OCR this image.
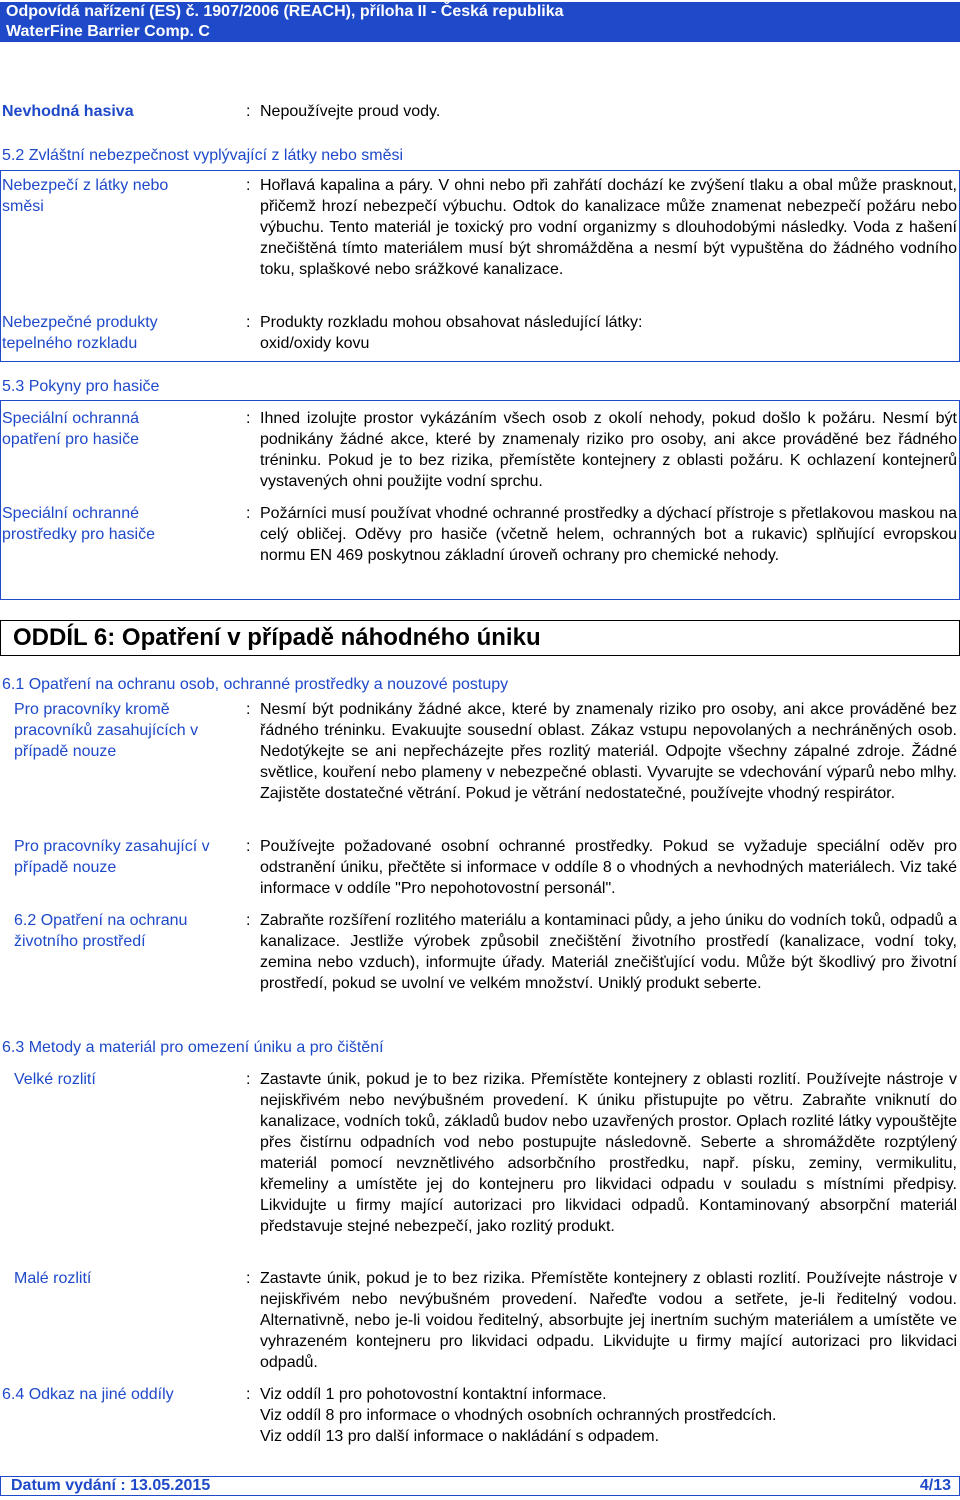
Odpovídá nařízení (ES) č. 1907/2006 (REACH), příloha II - Česká republika
WaterFine Barrier Comp. C
Nevhodná hasiva	: Nepoužívejte proud vody.
5.2 Zvláštní nebezpečnost vyplývající z látky nebo směsi
Nebezpečí z látky nebo směsi
: Hořlavá kapalina a páry. V ohni nebo při zahřátí dochází ke zvýšení tlaku a obal může prasknout, přičemž hrozí nebezpečí výbuchu. Odtok do kanalizace může znamenat nebezpečí požáru nebo výbuchu. Tento materiál je toxický pro vodní organizmy s dlouhodobými následky. Voda z hašení znečištěná tímto materiálem musí být shromážděna a nesmí být vypuštěna do žádného vodního toku, splaškové nebo srážkové kanalizace.
Nebezpečné produkty tepelného rozkladu
: Produkty rozkladu mohou obsahovat následující látky:
oxid/oxidy kovu
5.3 Pokyny pro hasiče
Speciální ochranná opatření pro hasiče
: Ihned izolujte prostor vykázáním všech osob z okolí nehody, pokud došlo k požáru. Nesmí být podnikány žádné akce, které by znamenaly riziko pro osoby, ani akce prováděné bez řádného tréninku. Pokud je to bez rizika, přemístěte kontejnery z oblasti požáru. K ochlazení kontejnerů vystavených ohni použijte vodní sprchu.
Speciální ochranné prostředky pro hasiče
: Požárníci musí používat vhodné ochranné prostředky a dýchací přístroje s přetlakovou maskou na celý obličej. Oděvy pro hasiče (včetně helem, ochranných bot a rukavic) splňující evropskou normu EN 469 poskytnou základní úroveň ochrany pro chemické nehody.
ODDÍL 6: Opatření v případě náhodného úniku
6.1 Opatření na ochranu osob, ochranné prostředky a nouzové postupy
Pro pracovníky kromě pracovníků zasahujících v případě nouze
: Nesmí být podnikány žádné akce, které by znamenaly riziko pro osoby, ani akce prováděné bez řádného tréninku. Evakuujte sousední oblast. Zákaz vstupu nepovolaných a nechráněných osob. Nedotýkejte se ani nepřecházejte přes rozlitý materiál. Odpojte všechny zápalné zdroje. Žádné světlice, kouření nebo plameny v nebezpečné oblasti. Vyvarujte se vdechování výparů nebo mlhy. Zajistěte dostatečné větrání. Pokud je větrání nedostatečné, používejte vhodný respirátor.
Pro pracovníky zasahující v případě nouze
: Používejte požadované osobní ochranné prostředky. Pokud se vyžaduje speciální oděv pro odstranění úniku, přečtěte si informace v oddíle 8 o vhodných a nevhodných materiálech. Viz také informace v oddíle "Pro nepohotovostní personál".
6.2 Opatření na ochranu životního prostředí
: Zabraňte rozšíření rozlitého materiálu a kontaminaci půdy, a jeho úniku do vodních toků, odpadů a kanalizace. Jestliže výrobek způsobil znečištění životního prostředí (kanalizace, vodní toky, zemina nebo vzduch), informujte úřady. Materiál znečišťující vodu. Může být škodlivý pro životní prostředí, pokud se uvolní ve velkém množství. Uniklý produkt seberte.
6.3 Metody a materiál pro omezení úniku a pro čištění
Velké rozlití	: Zastavte únik, pokud je to bez rizika. Přemístěte kontejnery z oblasti rozlití. Používejte nástroje v nejiskřivém nebo nevýbušném provedení. K úniku přistupujte po větru. Zabraňte vniknutí do kanalizace, vodních toků, základů budov nebo uzavřených prostor. Oplach rozlité látky vypouštějte přes čistírnu odpadních vod nebo postupujte následovně. Seberte a shromážděte rozptýlený materiál pomocí nevznětlivého adsorbčního prostředku, např. písku, zeminy, vermikulitu, křemeliny a umístěte jej do kontejneru pro likvidaci odpadu v souladu s místními předpisy. Likvidujte u firmy mající autorizaci pro likvidaci odpadů. Kontaminovaný absorpční materiál představuje stejné nebezpečí, jako rozlitý produkt.
Malé rozlití	: Zastavte únik, pokud je to bez rizika. Přemístěte kontejnery z oblasti rozlití. Používejte nástroje v nejiskřivém nebo nevýbušném provedení. Nařeďte vodou a setřete, je-li ředitelný vodou. Alternativně, nebo je-li voidou ředitelný, absorbujte jej inertním suchým materiálem a umístěte ve vyhrazeném kontejneru pro likvidaci odpadu. Likvidujte u firmy mající autorizaci pro likvidaci odpadů.
6.4 Odkaz na jiné oddíly	: Viz oddíl 1 pro pohotovostní kontaktní informace.
Viz oddíl 8 pro informace o vhodných osobních ochranných prostředcích.
Viz oddíl 13 pro další informace o nakládání s odpadem.
Datum vydání : 13.05.2015	4/13
